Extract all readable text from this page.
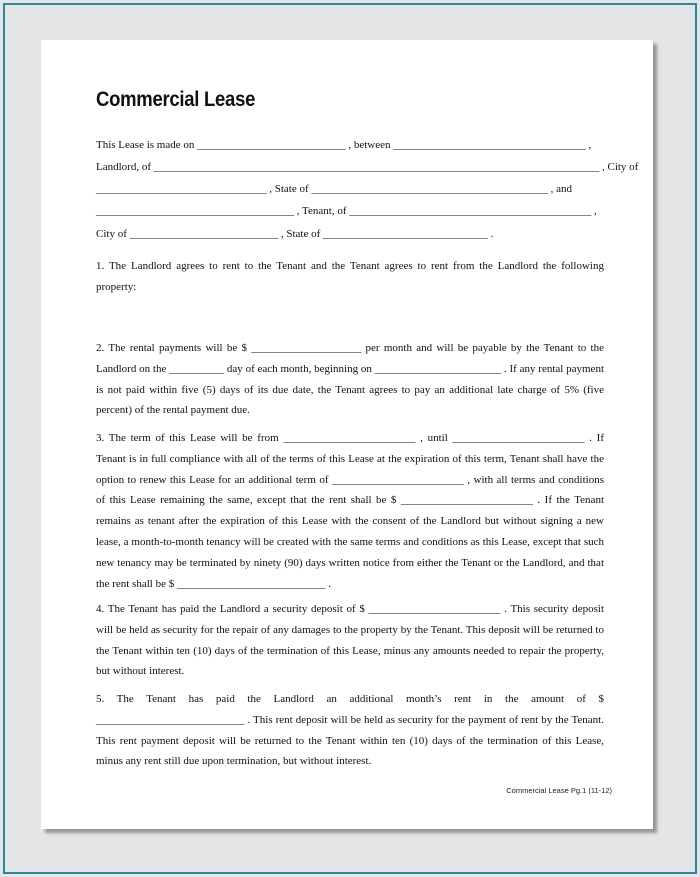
Commercial Lease
This Lease is made on ___________________________ , between ___________________________________ ,
Landlord, of _________________________________________________________________________________ , City of
_______________________________ , State of ___________________________________________ , and
____________________________________ , Tenant, of ____________________________________________ ,
City of ___________________________ , State of ______________________________ .

1. The Landlord agrees to rent to the Tenant and the Tenant agrees to rent from the Landlord the following property:

2. The rental payments will be $ ____________________ per month and will be payable by the Tenant to the Landlord on the __________ day of each month, beginning on _______________________ . If any rental payment is not paid within five (5) days of its due date, the Tenant agrees to pay an additional late charge of 5% (five percent) of the rental payment due.

3. The term of this Lease will be from ________________________ , until ________________________ . If Tenant is in full compliance with all of the terms of this Lease at the expiration of this term, Tenant shall have the option to renew this Lease for an additional term of ________________________ , with all terms and conditions of this Lease remaining the same, except that the rent shall be $ ________________________ . If the Tenant remains as tenant after the expiration of this Lease with the consent of the Landlord but without signing a new lease, a month-to-month tenancy will be created with the same terms and conditions as this Lease, except that such new tenancy may be terminated by ninety (90) days written notice from either the Tenant or the Landlord, and that the rent shall be $ ___________________________ .

4. The Tenant has paid the Landlord a security deposit of $ ________________________ . This security deposit will be held as security for the repair of any damages to the property by the Tenant. This deposit will be returned to the Tenant within ten (10) days of the termination of this Lease, minus any amounts needed to repair the property, but without interest.

5. The Tenant has paid the Landlord an additional month’s rent in the amount of $ ___________________________ . This rent deposit will be held as security for the payment of rent by the Tenant. This rent payment deposit will be returned to the Tenant within ten (10) days of the termination of this Lease, minus any rent still due upon termination, but without interest.

Commercial Lease Pg.1 (11-12)
